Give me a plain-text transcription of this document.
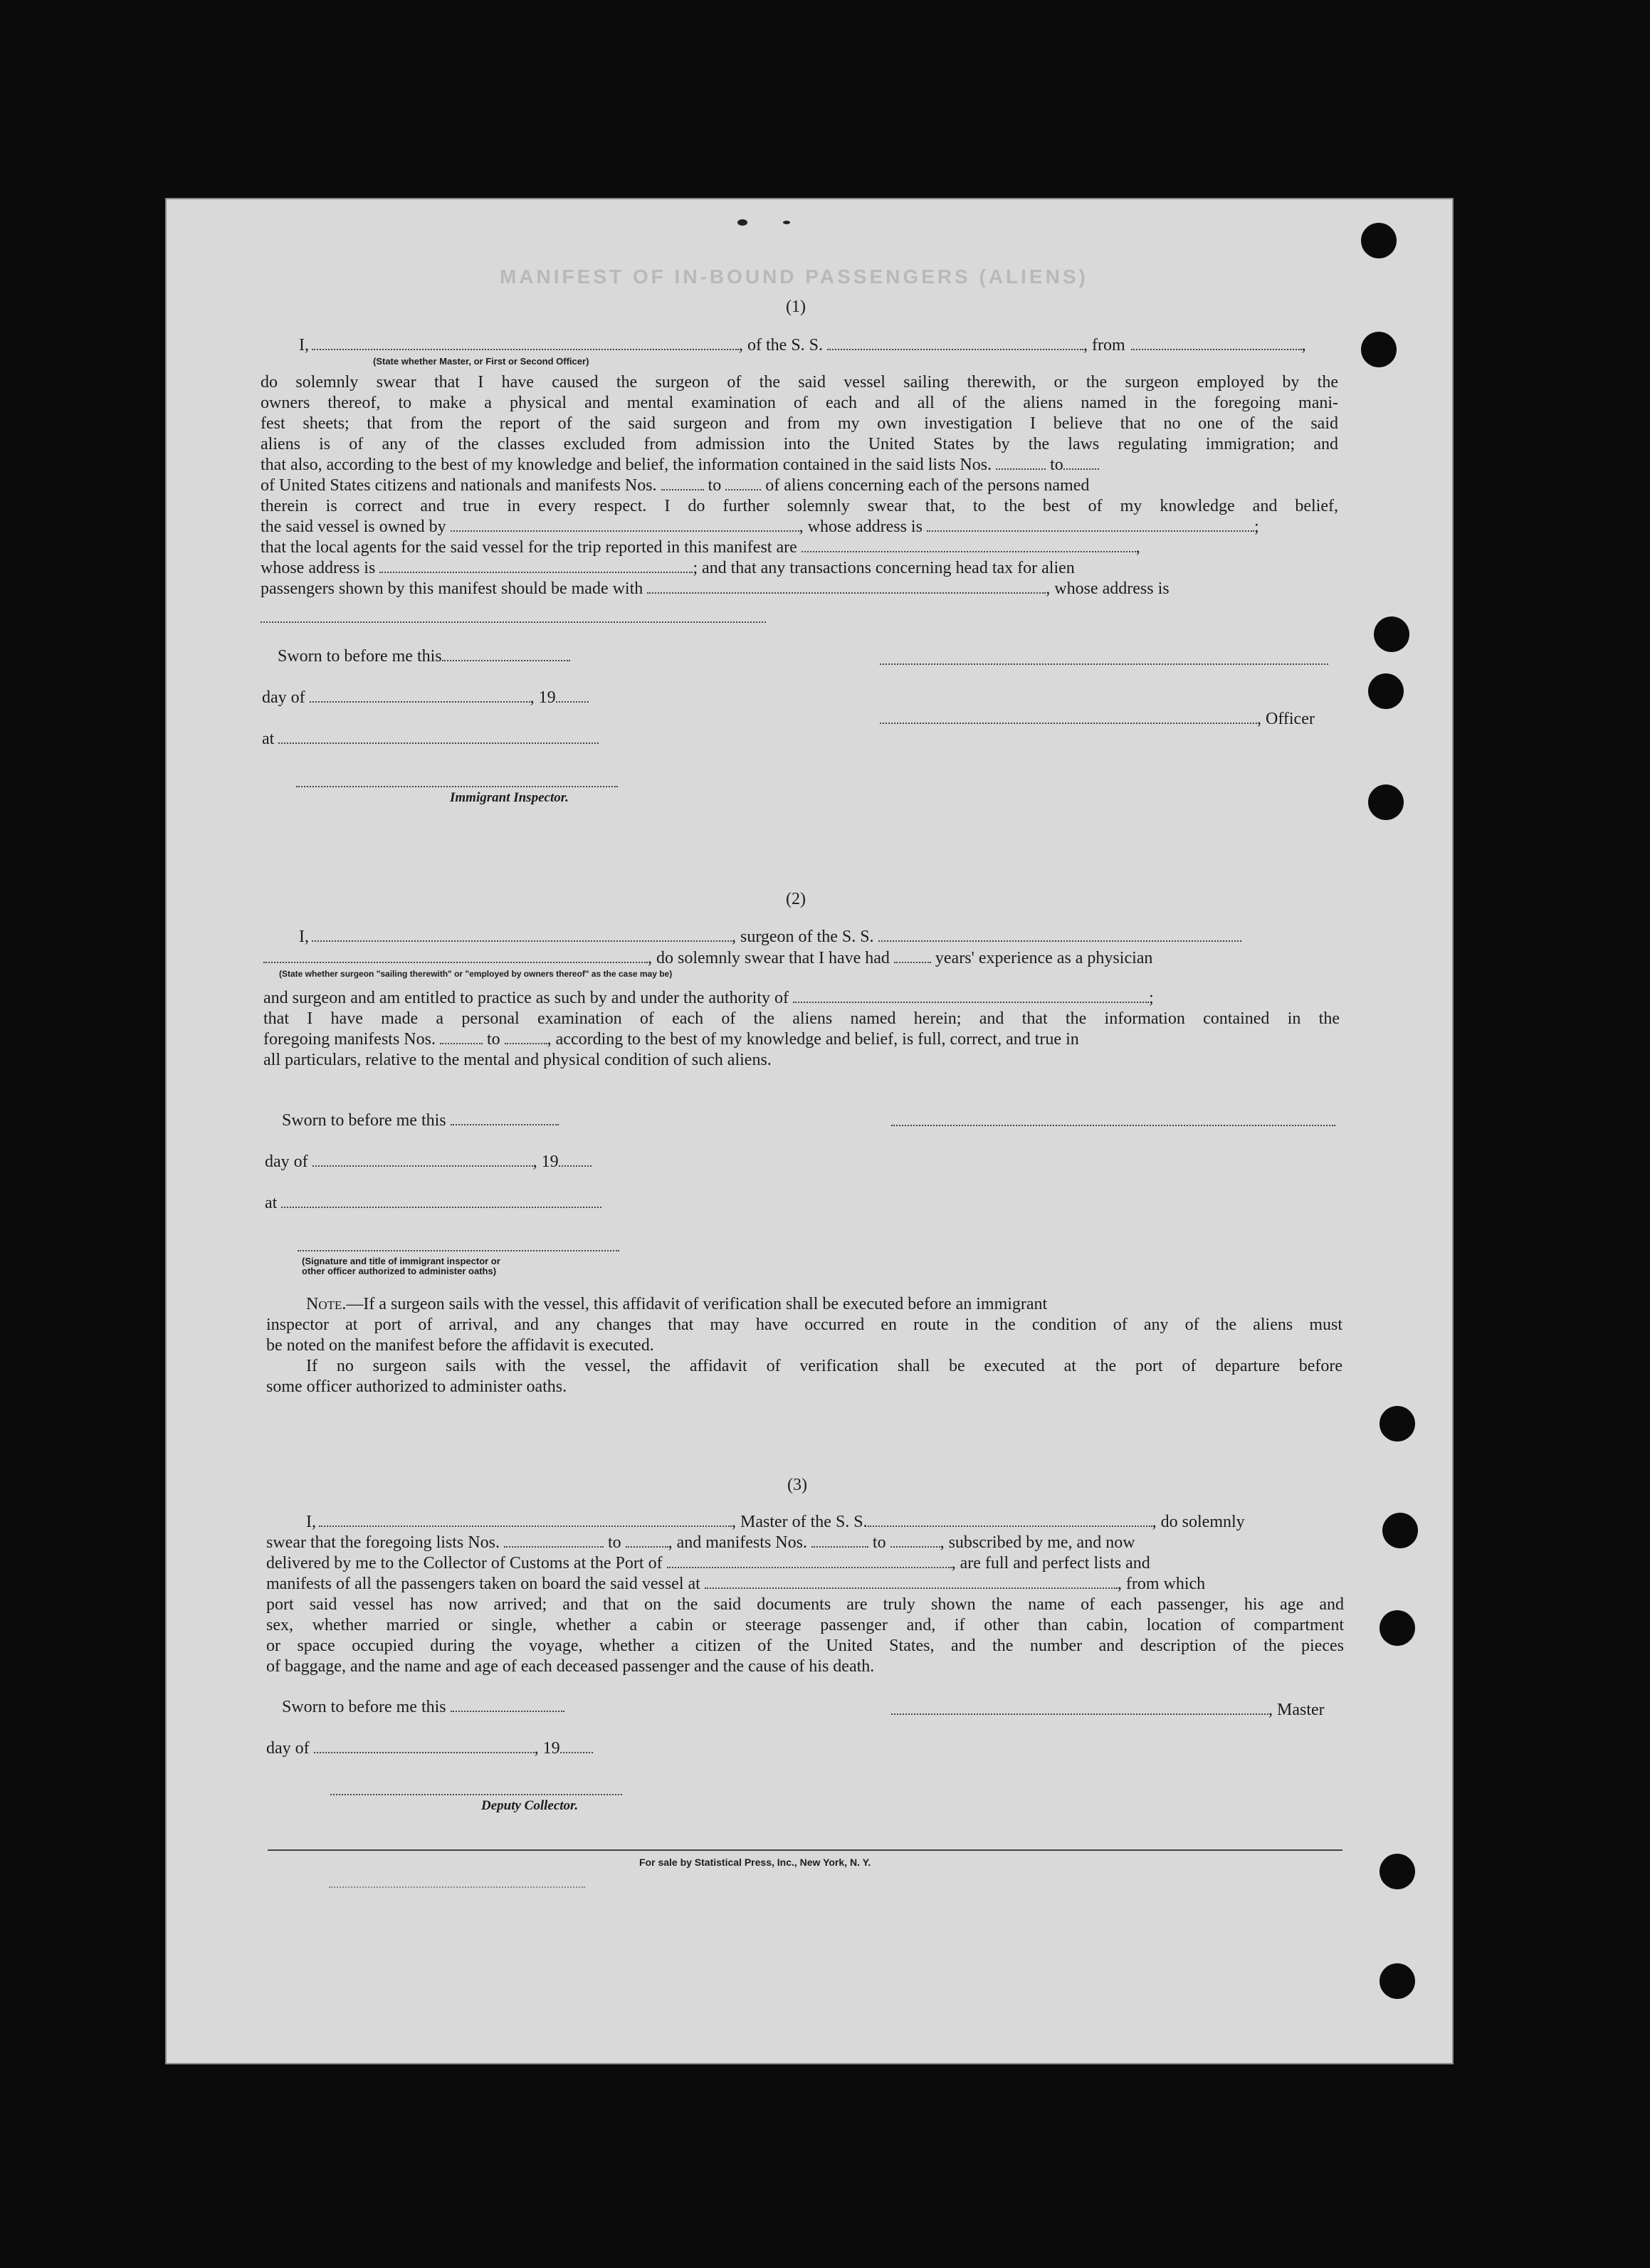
MANIFEST OF IN-BOUND PASSENGERS (ALIENS)
(1)
I,	, of the S. S.	, from	,
(State whether Master, or First or Second Officer)
do solemnly swear that I have caused the surgeon of the said vessel sailing therewith, or the surgeon employed by the
owners thereof, to make a physical and mental examination of each and all of the aliens named in the foregoing mani-
fest sheets; that from the report of the said surgeon and from my own investigation I believe that no one of the said
aliens is of any of the classes excluded from admission into the United States by the laws regulating immigration; and
that also, according to the best of my knowledge and belief, the information contained in the said lists Nos.	to
of United States citizens and nationals and manifests Nos.	to	of aliens concerning each of the persons named
therein is correct and true in every respect. I do further solemnly swear that, to the best of my knowledge and belief,
the said vessel is owned by	, whose address is	;
that the local agents for the said vessel for the trip reported in this manifest are	,
whose address is	; and that any transactions concerning head tax for alien
passengers shown by this manifest should be made with	, whose address is
Sworn to before me this
day of	, 19
at
Immigrant Inspector.
, Officer
(2)
I,	, surgeon of the S. S.
, do solemnly swear that I have had	years' experience as a physician
(State whether surgeon "sailing therewith" or "employed by owners thereof" as the case may be)
and surgeon and am entitled to practice as such by and under the authority of	;
that I have made a personal examination of each of the aliens named herein; and that the information contained in the
foregoing manifests Nos.	to	, according to the best of my knowledge and belief, is full, correct, and true in
all particulars, relative to the mental and physical condition of such aliens.
Sworn to before me this
day of	, 19
at
(Signature and title of immigrant inspector or
other officer authorized to administer oaths)
Note.—If a surgeon sails with the vessel, this affidavit of verification shall be executed before an immigrant
inspector at port of arrival, and any changes that may have occurred en route in the condition of any of the aliens must
be noted on the manifest before the affidavit is executed.
If no surgeon sails with the vessel, the affidavit of verification shall be executed at the port of departure before
some officer authorized to administer oaths.
(3)
I,	, Master of the S. S.	, do solemnly
swear that the foregoing lists Nos.	to	, and manifests Nos.	to	, subscribed by me, and now
delivered by me to the Collector of Customs at the Port of	, are full and perfect lists and
manifests of all the passengers taken on board the said vessel at	, from which
port said vessel has now arrived; and that on the said documents are truly shown the name of each passenger, his age and
sex, whether married or single, whether a cabin or steerage passenger and, if other than cabin, location of compartment
or space occupied during the voyage, whether a citizen of the United States, and the number and description of the pieces
of baggage, and the name and age of each deceased passenger and the cause of his death.
Sworn to before me this	, Master
day of	, 19
Deputy Collector.
For sale by Statistical Press, Inc., New York, N. Y.
